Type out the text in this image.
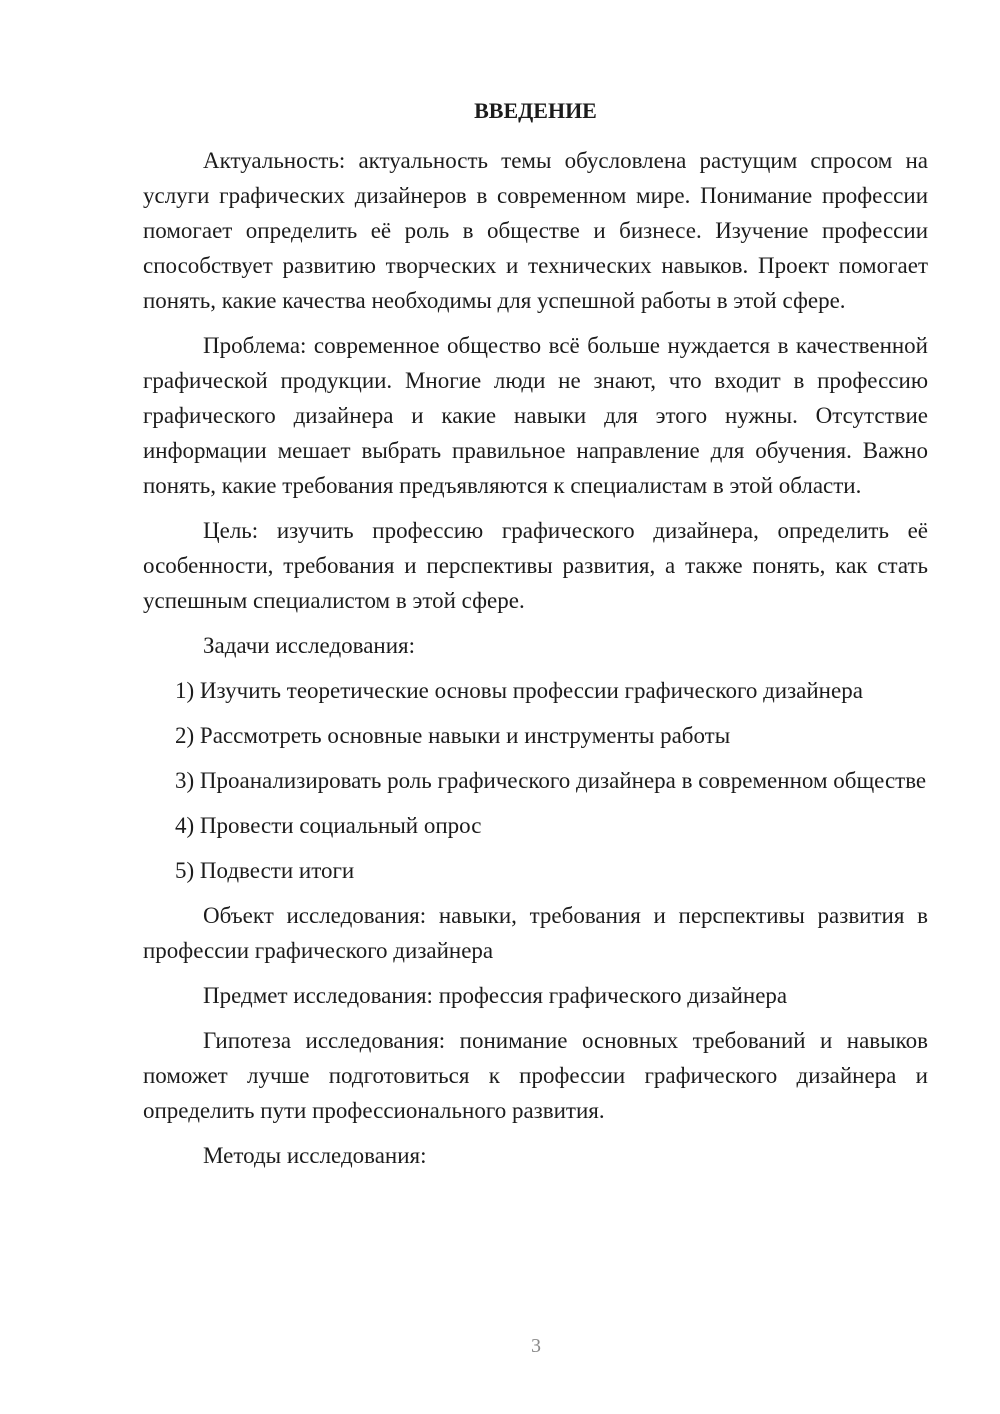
ВВЕДЕНИЕ

Актуальность: актуальность темы обусловлена растущим спросом на услуги графических дизайнеров в современном мире. Понимание профессии помогает определить её роль в обществе и бизнесе. Изучение профессии способствует развитию творческих и технических навыков. Проект помогает понять, какие качества необходимы для успешной работы в этой сфере.

Проблема: современное общество всё больше нуждается в качественной графической продукции. Многие люди не знают, что входит в профессию графического дизайнера и какие навыки для этого нужны. Отсутствие информации мешает выбрать правильное направление для обучения. Важно понять, какие требования предъявляются к специалистам в этой области.

Цель: изучить профессию графического дизайнера, определить её особенности, требования и перспективы развития, а также понять, как стать успешным специалистом в этой сфере.

Задачи исследования:

1) Изучить теоретические основы профессии графического дизайнера

2) Рассмотреть основные навыки и инструменты работы

3) Проанализировать роль графического дизайнера в современном обществе

4) Провести социальный опрос

5) Подвести итоги

Объект исследования: навыки, требования и перспективы развития в профессии графического дизайнера

Предмет исследования: профессия графического дизайнера

Гипотеза исследования: понимание основных требований и навыков поможет лучше подготовиться к профессии графического дизайнера и определить пути профессионального развития.

Методы исследования:

3
